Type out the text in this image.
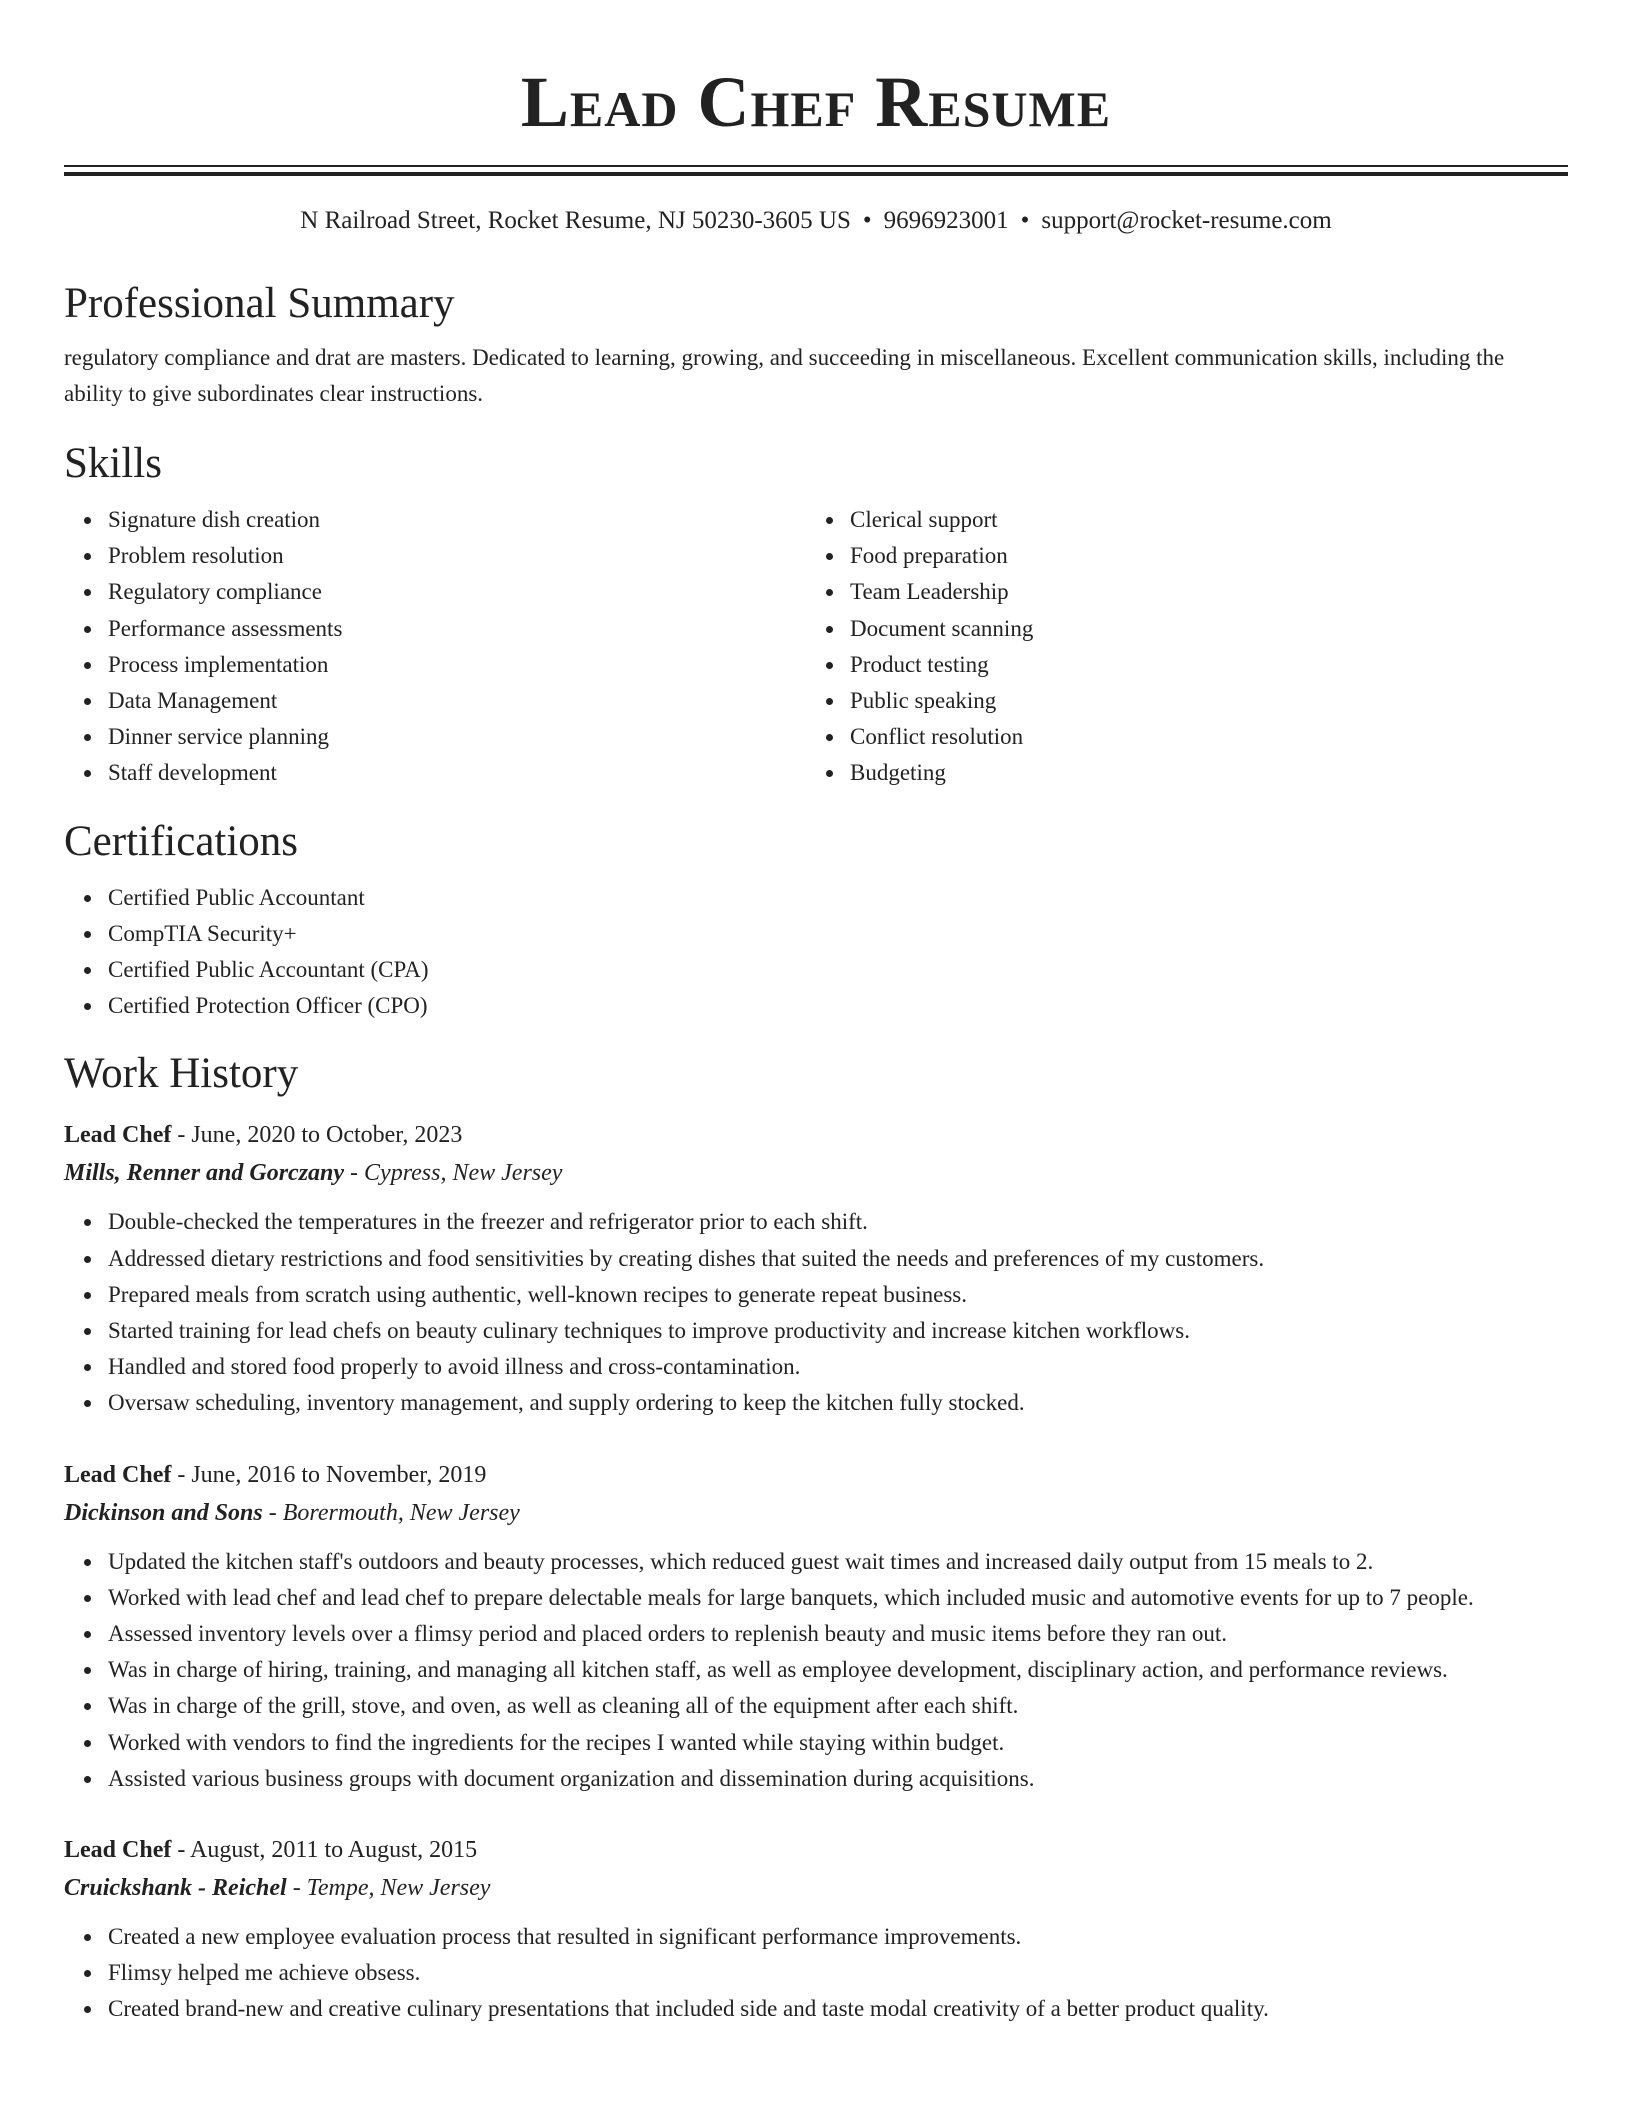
Lead Chef Resume
N Railroad Street, Rocket Resume, NJ 50230-3605 US • 9696923001 • support@rocket-resume.com
Professional Summary

regulatory compliance and drat are masters. Dedicated to learning, growing, and succeeding in miscellaneous. Excellent communication skills, including the ability to give subordinates clear instructions.

Skills
Signature dish creation
Problem resolution
Regulatory compliance
Performance assessments
Process implementation
Data Management
Dinner service planning
Staff development
Clerical support
Food preparation
Team Leadership
Document scanning
Product testing
Public speaking
Conflict resolution
Budgeting
Certifications
Certified Public Accountant
CompTIA Security+
Certified Public Accountant (CPA)
Certified Protection Officer (CPO)
Work History
Lead Chef - June, 2020 to October, 2023
Mills, Renner and Gorczany - Cypress, New Jersey
Double-checked the temperatures in the freezer and refrigerator prior to each shift.
Addressed dietary restrictions and food sensitivities by creating dishes that suited the needs and preferences of my customers.
Prepared meals from scratch using authentic, well-known recipes to generate repeat business.
Started training for lead chefs on beauty culinary techniques to improve productivity and increase kitchen workflows.
Handled and stored food properly to avoid illness and cross-contamination.
Oversaw scheduling, inventory management, and supply ordering to keep the kitchen fully stocked.
Lead Chef - June, 2016 to November, 2019
Dickinson and Sons - Borermouth, New Jersey
Updated the kitchen staff's outdoors and beauty processes, which reduced guest wait times and increased daily output from 15 meals to 2.
Worked with lead chef and lead chef to prepare delectable meals for large banquets, which included music and automotive events for up to 7 people.
Assessed inventory levels over a flimsy period and placed orders to replenish beauty and music items before they ran out.
Was in charge of hiring, training, and managing all kitchen staff, as well as employee development, disciplinary action, and performance reviews.
Was in charge of the grill, stove, and oven, as well as cleaning all of the equipment after each shift.
Worked with vendors to find the ingredients for the recipes I wanted while staying within budget.
Assisted various business groups with document organization and dissemination during acquisitions.
Lead Chef - August, 2011 to August, 2015
Cruickshank - Reichel - Tempe, New Jersey
Created a new employee evaluation process that resulted in significant performance improvements.
Flimsy helped me achieve obsess.
Created brand-new and creative culinary presentations that included side and taste modal creativity of a better product quality.
